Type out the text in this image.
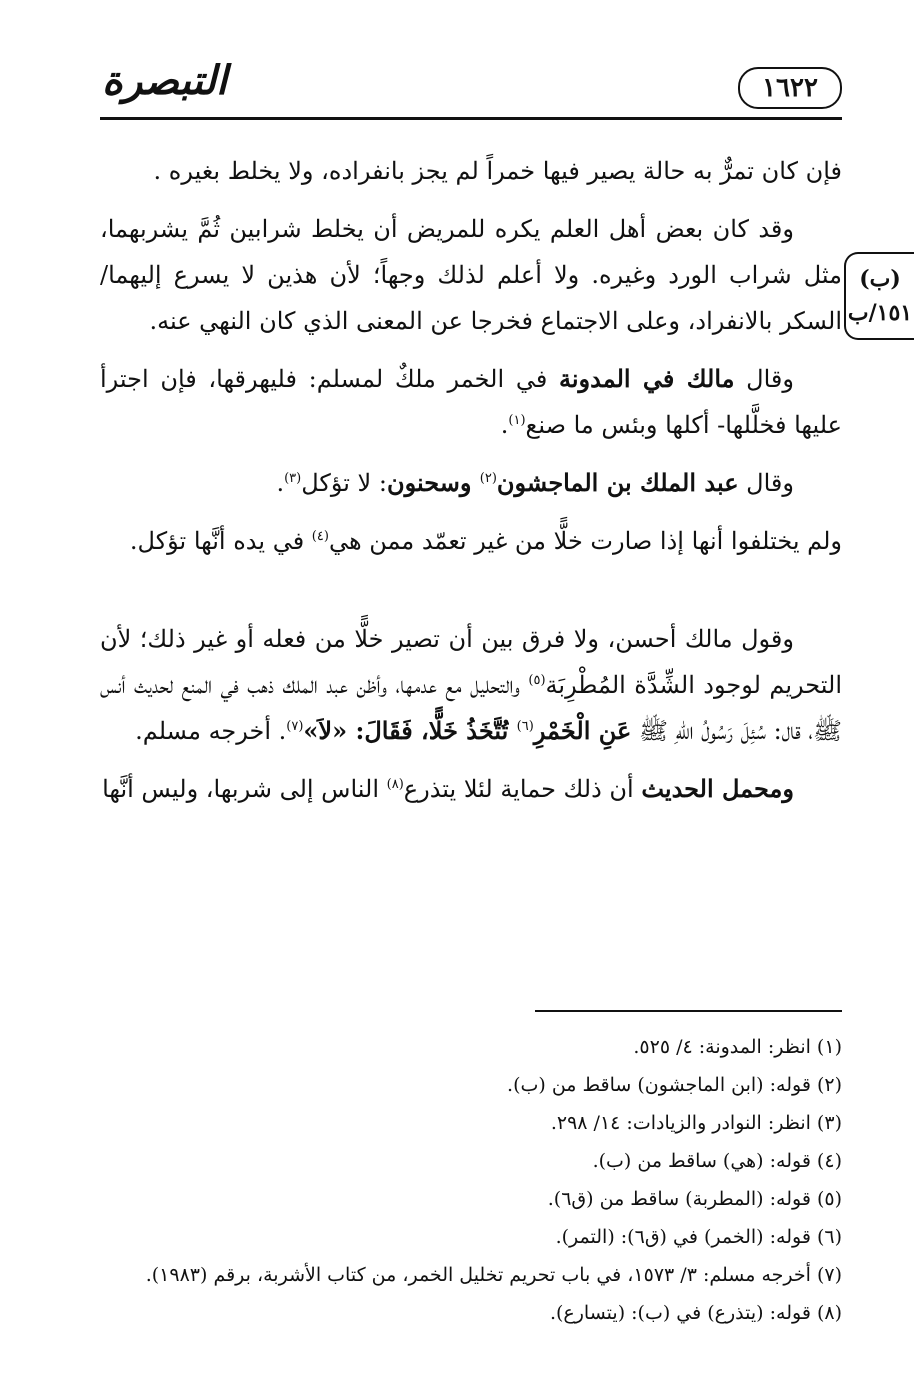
التبصرة	١٦٢٢
(ب)
١٥١/ب

فإن كان تمرٌّ به حالة يصير فيها خمراً لم يجز بانفراده، ولا يخلط بغيره .

وقد كان بعض أهل العلم يكره للمريض أن يخلط شرابين ثُمَّ يشربهما، مثل شراب الورد وغيره. ولا أعلم لذلك وجهاً؛ لأن هذين لا يسرع إليهما/ السكر بالانفراد، وعلى الاجتماع فخرجا عن المعنى الذي كان النهي عنه.

وقال مالك في المدونة في الخمر ملكٌ لمسلم: فليهرقها، فإن اجترأ عليها فخلَّلها- أكلها وبئس ما صنع$^{(١)}$.

وقال عبد الملك بن الماجشون$^{(٢)}$ وسحنون: لا تؤكل$^{(٣)}$.

ولم يختلفوا أنها إذا صارت خلًّا من غير تعمّد ممن هي$^{(٤)}$ في يده أنَّها تؤكل.

وقول مالك أحسن، ولا فرق بين أن تصير خلًّا من فعله أو غير ذلك؛ لأن التحريم لوجود الشِّدَّة المُطْرِبَة$^{(٥)}$ والتحليل مع عدمها، وأظن عبد الملك ذهب في المنع لحديث أنس ﷺ، قال: سُئِلَ رَسُولُ اللهِ ﷺ عَنِ الْخَمْرِ$^{(٦)}$ تُتَّخَذُ خَلًّا، فَقَالَ: «لاَ»$^{(٧)}$. أخرجه مسلم.

ومحمل الحديث أن ذلك حماية لئلا يتذرع$^{(٨)}$ الناس إلى شربها، وليس أنَّها

(١) انظر: المدونة: ٤/ ٥٢٥.
(٢) قوله: (ابن الماجشون) ساقط من (ب).
(٣) انظر: النوادر والزيادات: ١٤/ ٢٩٨.
(٤) قوله: (هي) ساقط من (ب).
(٥) قوله: (المطربة) ساقط من (ق٦).
(٦) قوله: (الخمر) في (ق٦): (التمر).
(٧) أخرجه مسلم: ٣/ ١٥٧٣، في باب تحريم تخليل الخمر، من كتاب الأشربة، برقم (١٩٨٣).
(٨) قوله: (يتذرع) في (ب): (يتسارع).
